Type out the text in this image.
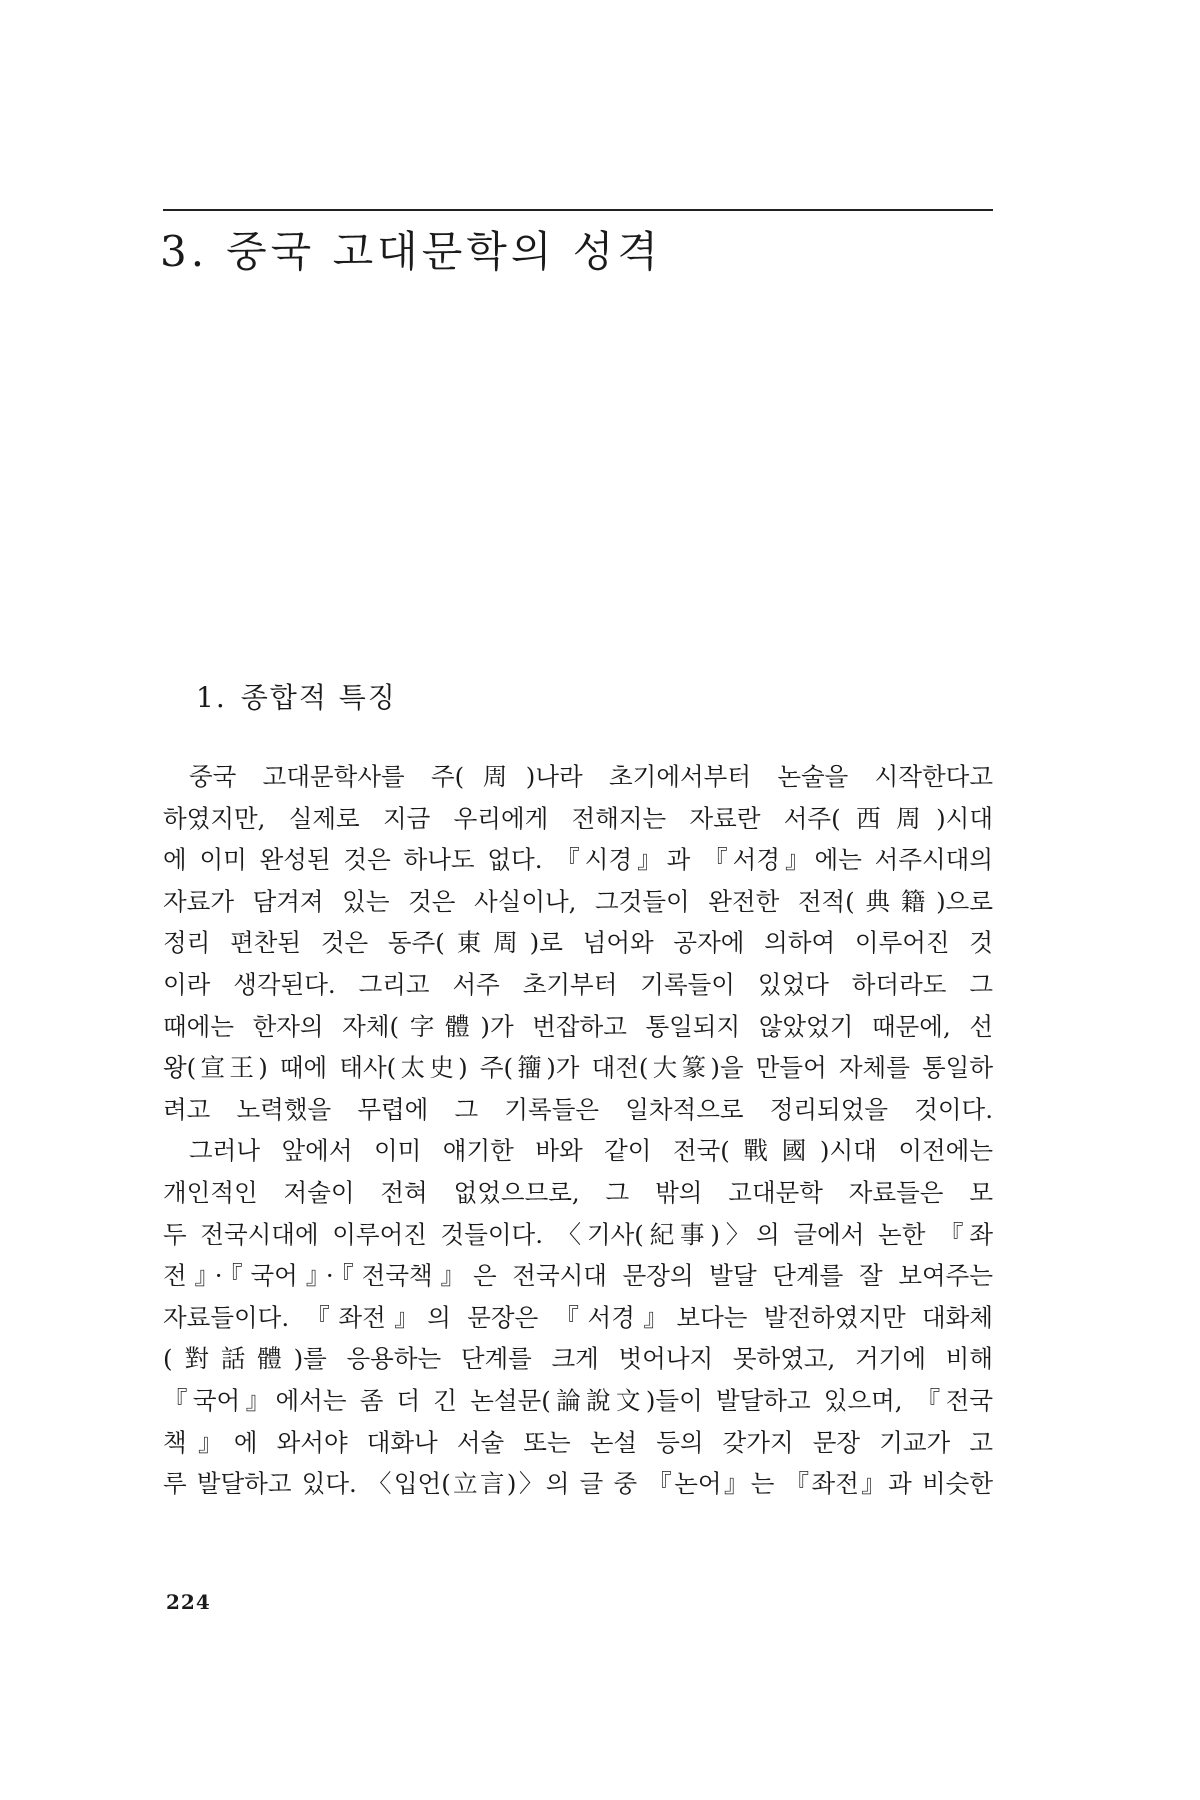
3. 중국 고대문학의 성격
1. 종합적 특징
중국 고대문학사를 주(周)나라 초기에서부터 논술을 시작한다고
하였지만, 실제로 지금 우리에게 전해지는 자료란 서주(西周)시대
에 이미 완성된 것은 하나도 없다. 『시경』과 『서경』에는 서주시대의
자료가 담겨져 있는 것은 사실이나, 그것들이 완전한 전적(典籍)으로
정리 편찬된 것은 동주(東周)로 넘어와 공자에 의하여 이루어진 것
이라 생각된다. 그리고 서주 초기부터 기록들이 있었다 하더라도 그
때에는 한자의 자체(字體)가 번잡하고 통일되지 않았었기 때문에, 선
왕(宣王) 때에 태사(太史) 주(籒)가 대전(大篆)을 만들어 자체를 통일하
려고 노력했을 무렵에 그 기록들은 일차적으로 정리되었을 것이다.
그러나 앞에서 이미 얘기한 바와 같이 전국(戰國)시대 이전에는
개인적인 저술이 전혀 없었으므로, 그 밖의 고대문학 자료들은 모
두 전국시대에 이루어진 것들이다. 〈기사(紀事)〉의 글에서 논한 『좌
전』·『국어』·『전국책』은 전국시대 문장의 발달 단계를 잘 보여주는
자료들이다. 『좌전』의 문장은 『서경』보다는 발전하였지만 대화체
(對話體)를 응용하는 단계를 크게 벗어나지 못하였고, 거기에 비해
『국어』에서는 좀 더 긴 논설문(論說文)들이 발달하고 있으며, 『전국
책』에 와서야 대화나 서술 또는 논설 등의 갖가지 문장 기교가 고
루 발달하고 있다. 〈입언(立言)〉의 글 중 『논어』는 『좌전』과 비슷한
224
